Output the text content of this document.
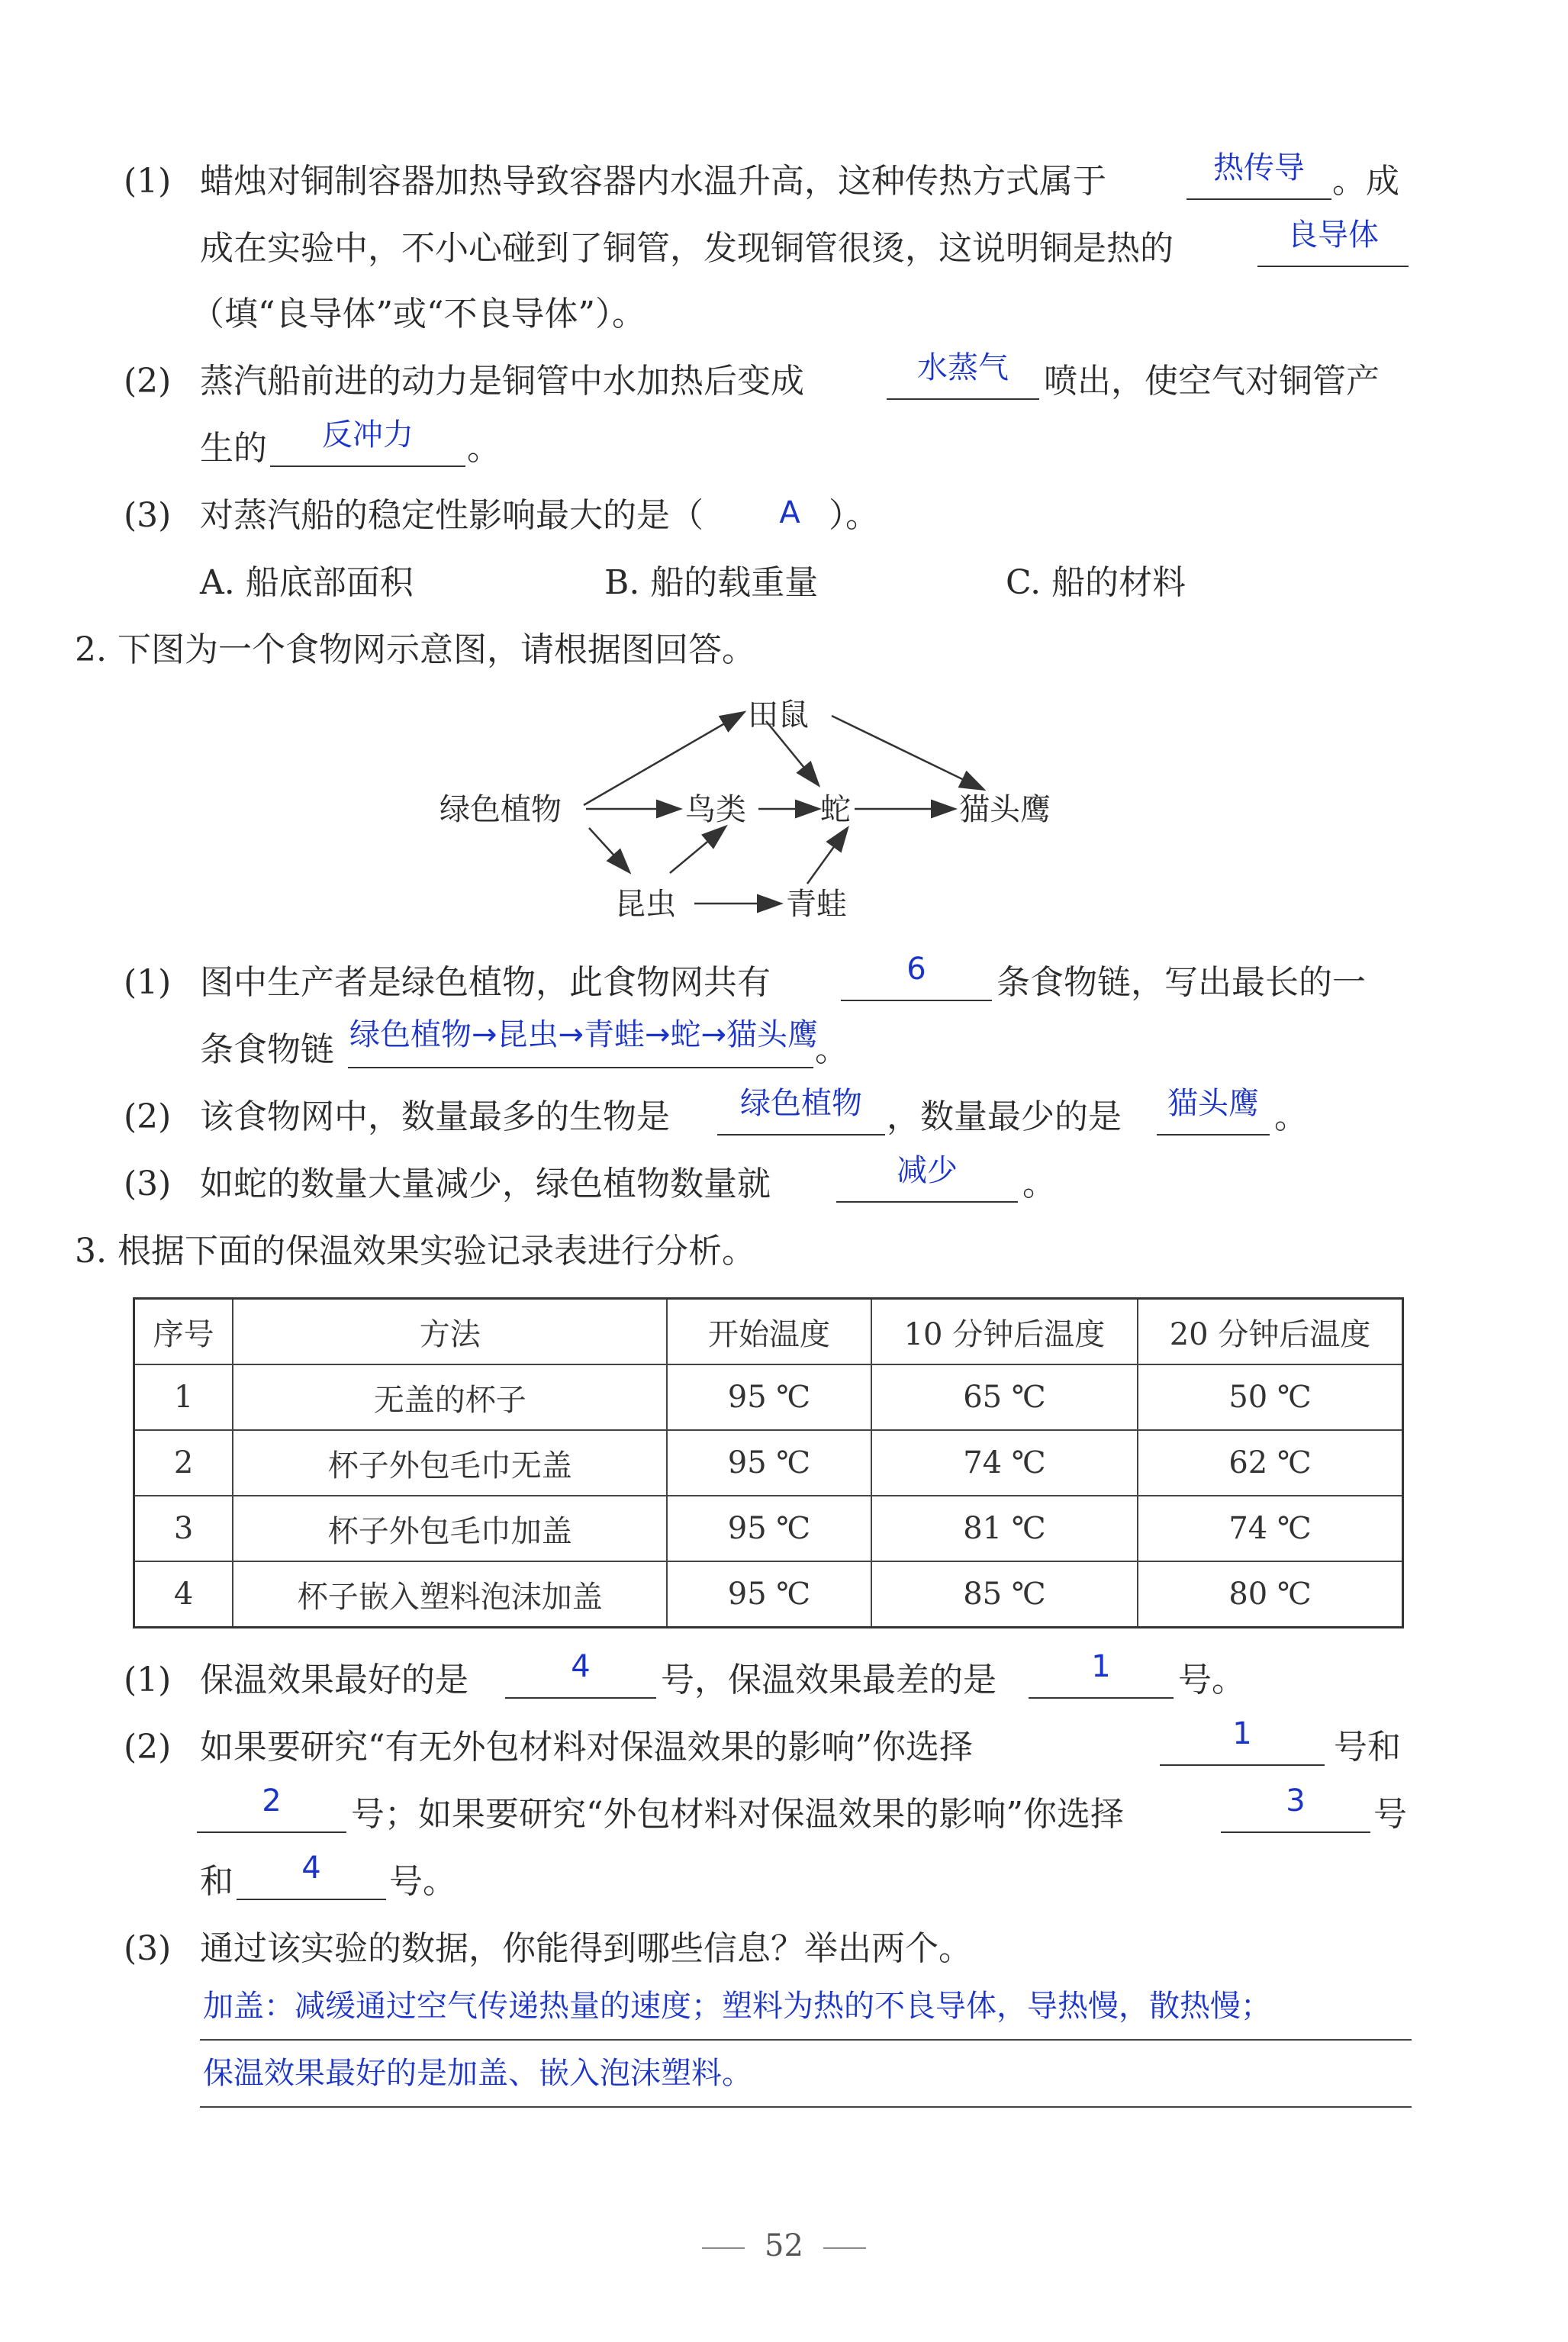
(1) 蜡烛对铜制容器加热导致容器内水温升高，这种传热方式属于	热传导 。成
成在实验中，不小心碰到了铜管，发现铜管很烫，这说明铜是热的	良导体
（填“良导体”或“不良导体”）。
(2) 蒸汽船前进的动力是铜管中水加热后变成	水蒸气	喷出，使空气对铜管产
生的	反冲力	。
(3) 对蒸汽船的稳定性影响最大的是（	A ）。
A. 船底部面积	B. 船的载重量	C. 船的材料
2. 下图为一个食物网示意图，请根据图回答。
绿色植物
田鼠
鸟类 蛇	猫头鹰
昆虫	青蛙
(1) 图中生产者是绿色植物，此食物网共有	6	条食物链，写出最长的一
条食物链 绿色植物→昆虫→青蛙→蛇→猫头鹰
。
(2) 该食物网中，数量最多的生物是	绿色植物 ，数量最少的是	猫头鹰 。
(3) 如蛇的数量大量减少，绿色植物数量就	减少	。
3. 根据下面的保温效果实验记录表进行分析。
序号	方法	开始温度	10 分钟后温度	20 分钟后温度
1	无盖的杯子	95 ℃	65 ℃	50 ℃
2	杯子外包毛巾无盖	95 ℃	74 ℃	62 ℃
3	杯子外包毛巾加盖	95 ℃	81 ℃	74 ℃
4	杯子嵌入塑料泡沫加盖	95 ℃	85 ℃	80 ℃
(1) 保温效果最好的是	4	号，保温效果最差的是	1	号。
(2) 如果要研究“有无外包材料对保温效果的影响”你选择	1	号和
2	号；如果要研究“外包材料对保温效果的影响”你选择	3	号
和	4	号。
(3) 通过该实验的数据，你能得到哪些信息？举出两个。
加盖：减缓通过空气传递热量的速度；塑料为热的不良导体，导热慢，散热慢；
保温效果最好的是加盖、嵌入泡沫塑料。
52
